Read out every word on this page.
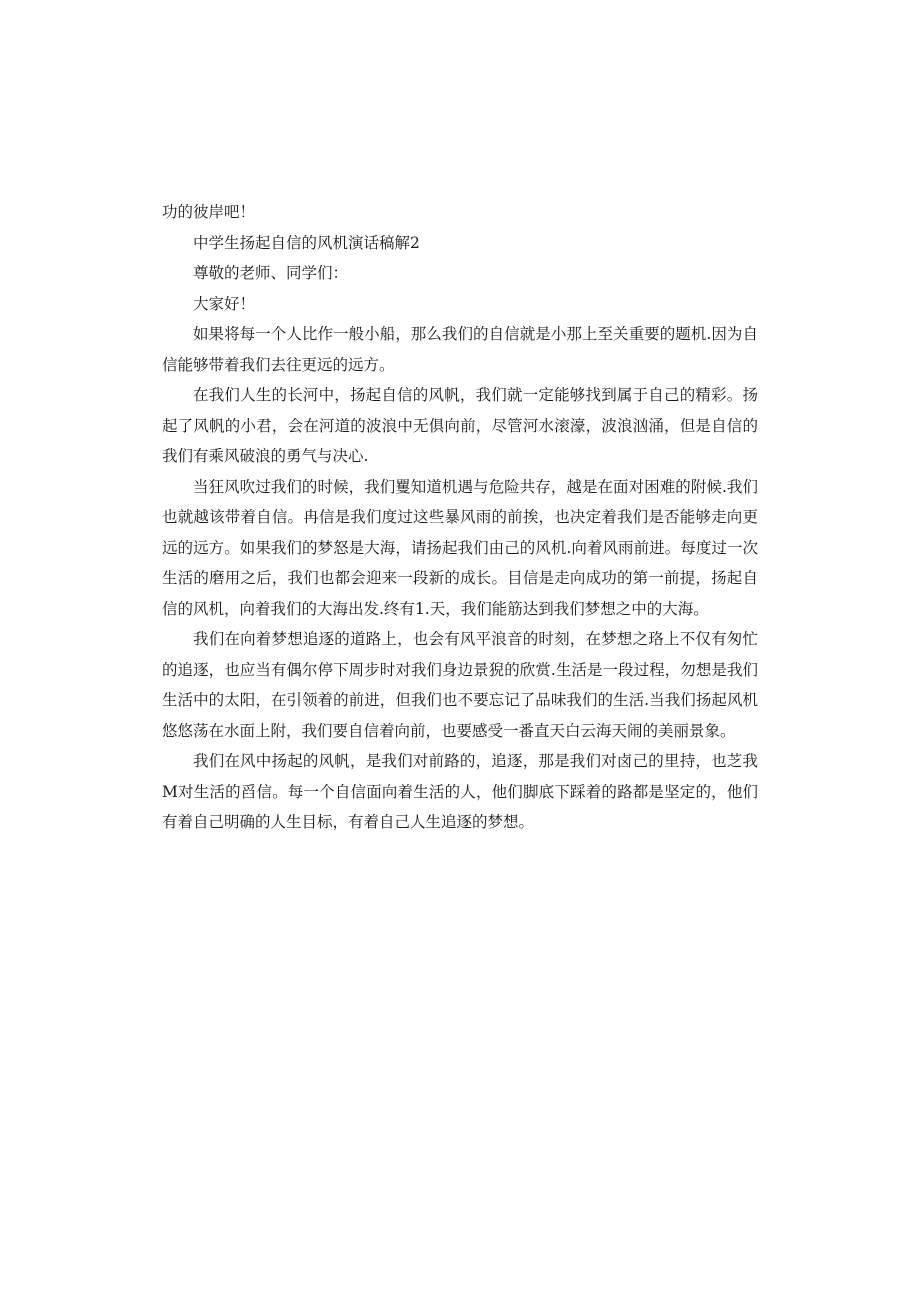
功的彼岸吧！

中学生扬起自信的风机演话稿解2

尊敬的老师、同学们：

大家好！

如果将每一个人比作一般小船，那么我们的自信就是小那上至关重要的题机.因为自信能够带着我们去往更远的远方。

在我们人生的长河中，扬起自信的风帆，我们就一定能够找到属于自己的精彩。扬起了风帆的小君，会在河道的波浪中无俱向前，尽管河水滚濠，波浪汹涌，但是自信的我们有乘风破浪的勇气与决心.

当狂风吹过我们的时候，我们矍知道机遇与危险共存，越是在面对困难的附候.我们也就越该带着自信。冉信是我们度过这些暴风雨的前挨，也决定着我们是否能够走向更远的远方。如果我们的梦怒是大海，请扬起我们由己的风机.向着风雨前进。每度过一次生活的磨用之后，我们也都会迎来一段新的成长。目信是走向成功的第一前提，扬起自信的风机，向着我们的大海出发.终有1.天，我们能筋达到我们梦想之中的大海。

我们在向着梦想追逐的道路上，也会有风平浪音的时刻，在梦想之珞上不仅有匆忙的追逐，也应当有偶尔停下周步时对我们身边景猊的欣赏.生活是一段过程，勿想是我们生活中的太阳，在引领着的前进，但我们也不要忘记了品味我们的生活.当我们扬起风机悠悠荡在水面上附，我们要自信着向前，也要感受一番直天白云海天闹的美丽景象。

我们在风中扬起的风帆，是我们对前路的，追逐，那是我们对卤己的里持，也芝我M对生活的舀信。每一个自信面向着生活的人，他们脚底下踩着的路都是坚定的，他们有着自己明确的人生目标，有着自己人生追逐的梦想。
